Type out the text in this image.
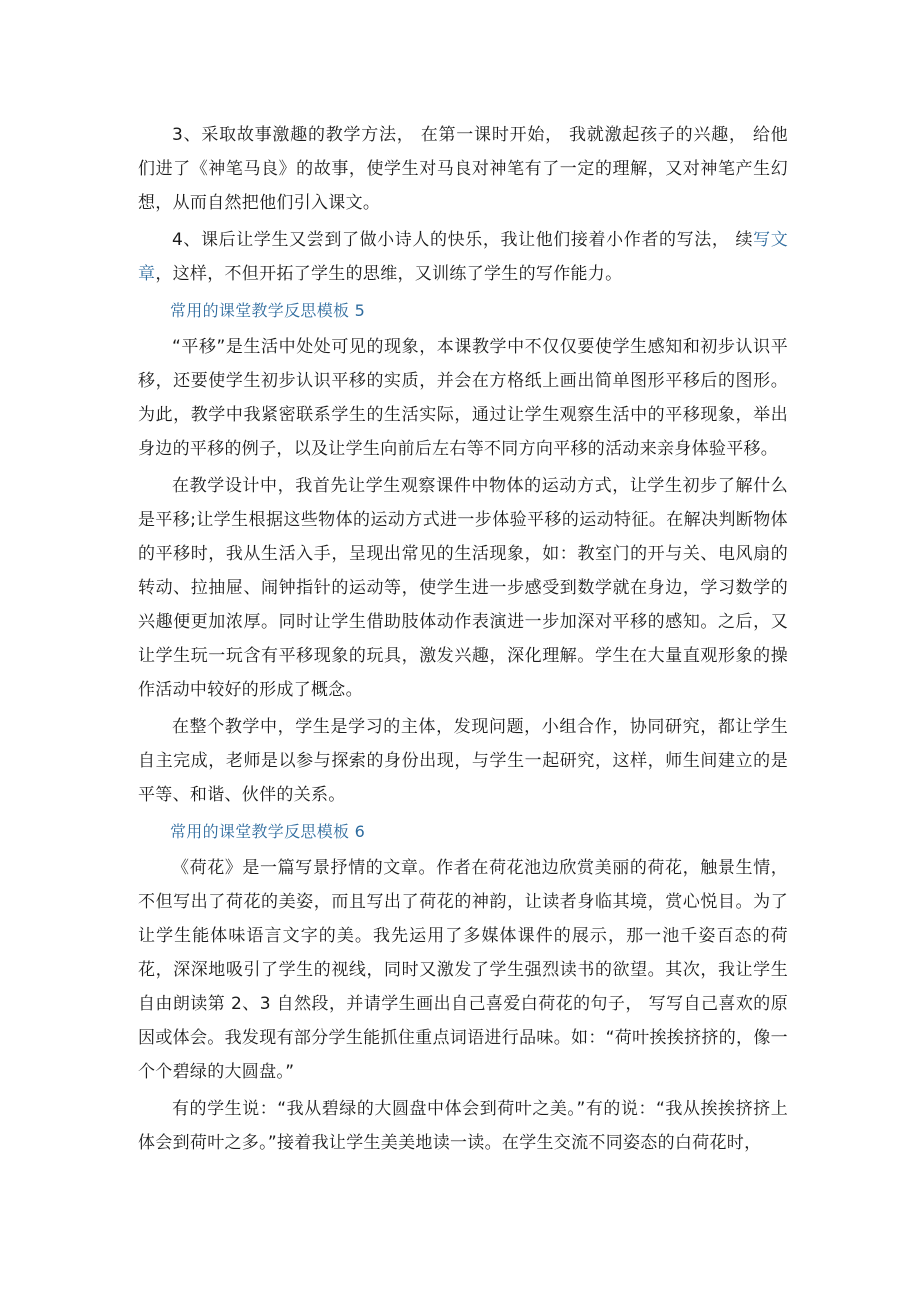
3、采取故事激趣的教学方法， 在第一课时开始， 我就激起孩子的兴趣， 给他们进了《神笔马良》的故事，使学生对马良对神笔有了一定的理解，又对神笔产生幻想，从而自然把他们引入课文。

4、课后让学生又尝到了做小诗人的快乐，我让他们接着小作者的写法， 续写文章，这样，不但开拓了学生的思维，又训练了学生的写作能力。

常用的课堂教学反思模板 5

“平移”是生活中处处可见的现象，本课教学中不仅仅要使学生感知和初步认识平移，还要使学生初步认识平移的实质，并会在方格纸上画出简单图形平移后的图形。为此，教学中我紧密联系学生的生活实际，通过让学生观察生活中的平移现象，举出身边的平移的例子，以及让学生向前后左右等不同方向平移的活动来亲身体验平移。

在教学设计中，我首先让学生观察课件中物体的运动方式，让学生初步了解什么是平移;让学生根据这些物体的运动方式进一步体验平移的运动特征。在解决判断物体的平移时，我从生活入手，呈现出常见的生活现象，如：教室门的开与关、电风扇的转动、拉抽屉、闹钟指针的运动等，使学生进一步感受到数学就在身边，学习数学的兴趣便更加浓厚。同时让学生借助肢体动作表演进一步加深对平移的感知。之后，又让学生玩一玩含有平移现象的玩具，激发兴趣，深化理解。学生在大量直观形象的操作活动中较好的形成了概念。

在整个教学中，学生是学习的主体，发现问题，小组合作，协同研究，都让学生自主完成，老师是以参与探索的身份出现，与学生一起研究，这样，师生间建立的是平等、和谐、伙伴的关系。

常用的课堂教学反思模板 6

《荷花》是一篇写景抒情的文章。作者在荷花池边欣赏美丽的荷花，触景生情，不但写出了荷花的美姿，而且写出了荷花的神韵，让读者身临其境，赏心悦目。为了让学生能体味语言文字的美。我先运用了多媒体课件的展示，那一池千姿百态的荷花，深深地吸引了学生的视线，同时又激发了学生强烈读书的欲望。其次，我让学生自由朗读第 2、3 自然段，并请学生画出自己喜爱白荷花的句子， 写写自己喜欢的原因或体会。我发现有部分学生能抓住重点词语进行品味。如：“荷叶挨挨挤挤的，像一个个碧绿的大圆盘。”

有的学生说：“我从碧绿的大圆盘中体会到荷叶之美。”有的说：“我从挨挨挤挤上体会到荷叶之多。”接着我让学生美美地读一读。在学生交流不同姿态的白荷花时，
